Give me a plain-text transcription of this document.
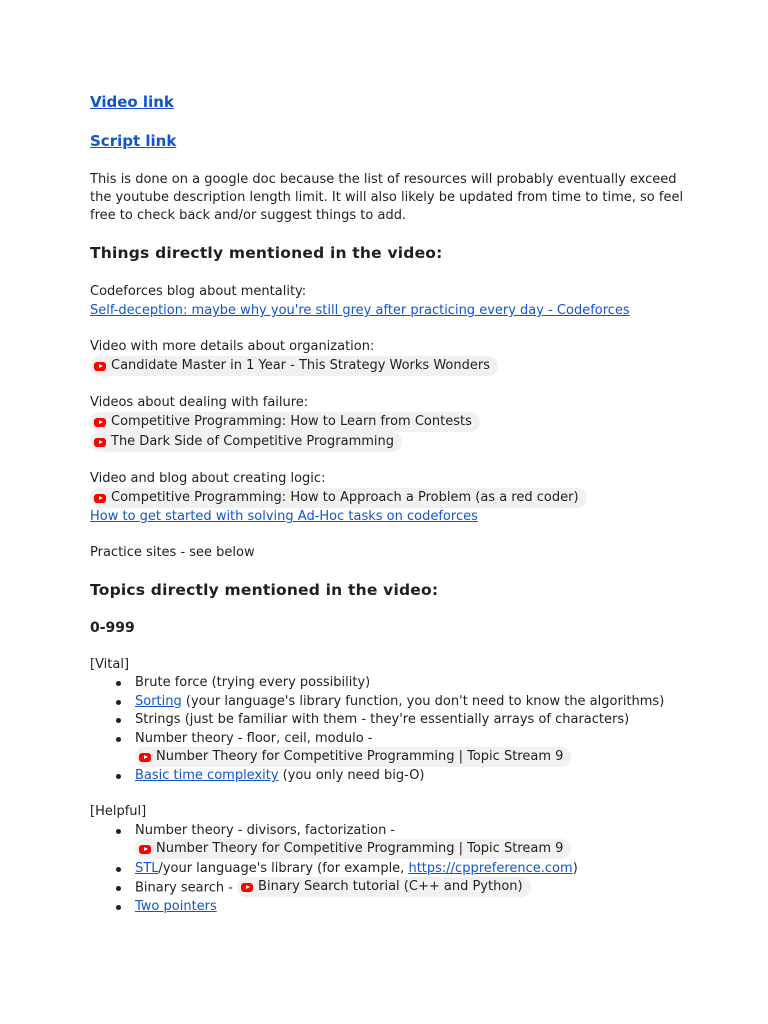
Video link
Script link
This is done on a google doc because the list of resources will probably eventually exceed
the youtube description length limit. It will also likely be updated from time to time, so feel
free to check back and/or suggest things to add.
Things directly mentioned in the video:
Codeforces blog about mentality:
Self-deception: maybe why you're still grey after practicing every day - Codeforces
Video with more details about organization:
Candidate Master in 1 Year - This Strategy Works Wonders
Videos about dealing with failure:
Competitive Programming: How to Learn from Contests
The Dark Side of Competitive Programming
Video and blog about creating logic:
Competitive Programming: How to Approach a Problem (as a red coder)
How to get started with solving Ad-Hoc tasks on codeforces
Practice sites - see below
Topics directly mentioned in the video:
0-999
[Vital]
Brute force (trying every possibility)
Sorting (your language's library function, you don't need to know the algorithms)
Strings (just be familiar with them - they're essentially arrays of characters)
Number theory - floor, ceil, modulo -
Number Theory for Competitive Programming | Topic Stream 9
Basic time complexity (you only need big-O)
[Helpful]
Number theory - divisors, factorization -
Number Theory for Competitive Programming | Topic Stream 9
STL/your language's library (for example, https://cppreference.com)
Binary search - Binary Search tutorial (C++ and Python)
Two pointers
